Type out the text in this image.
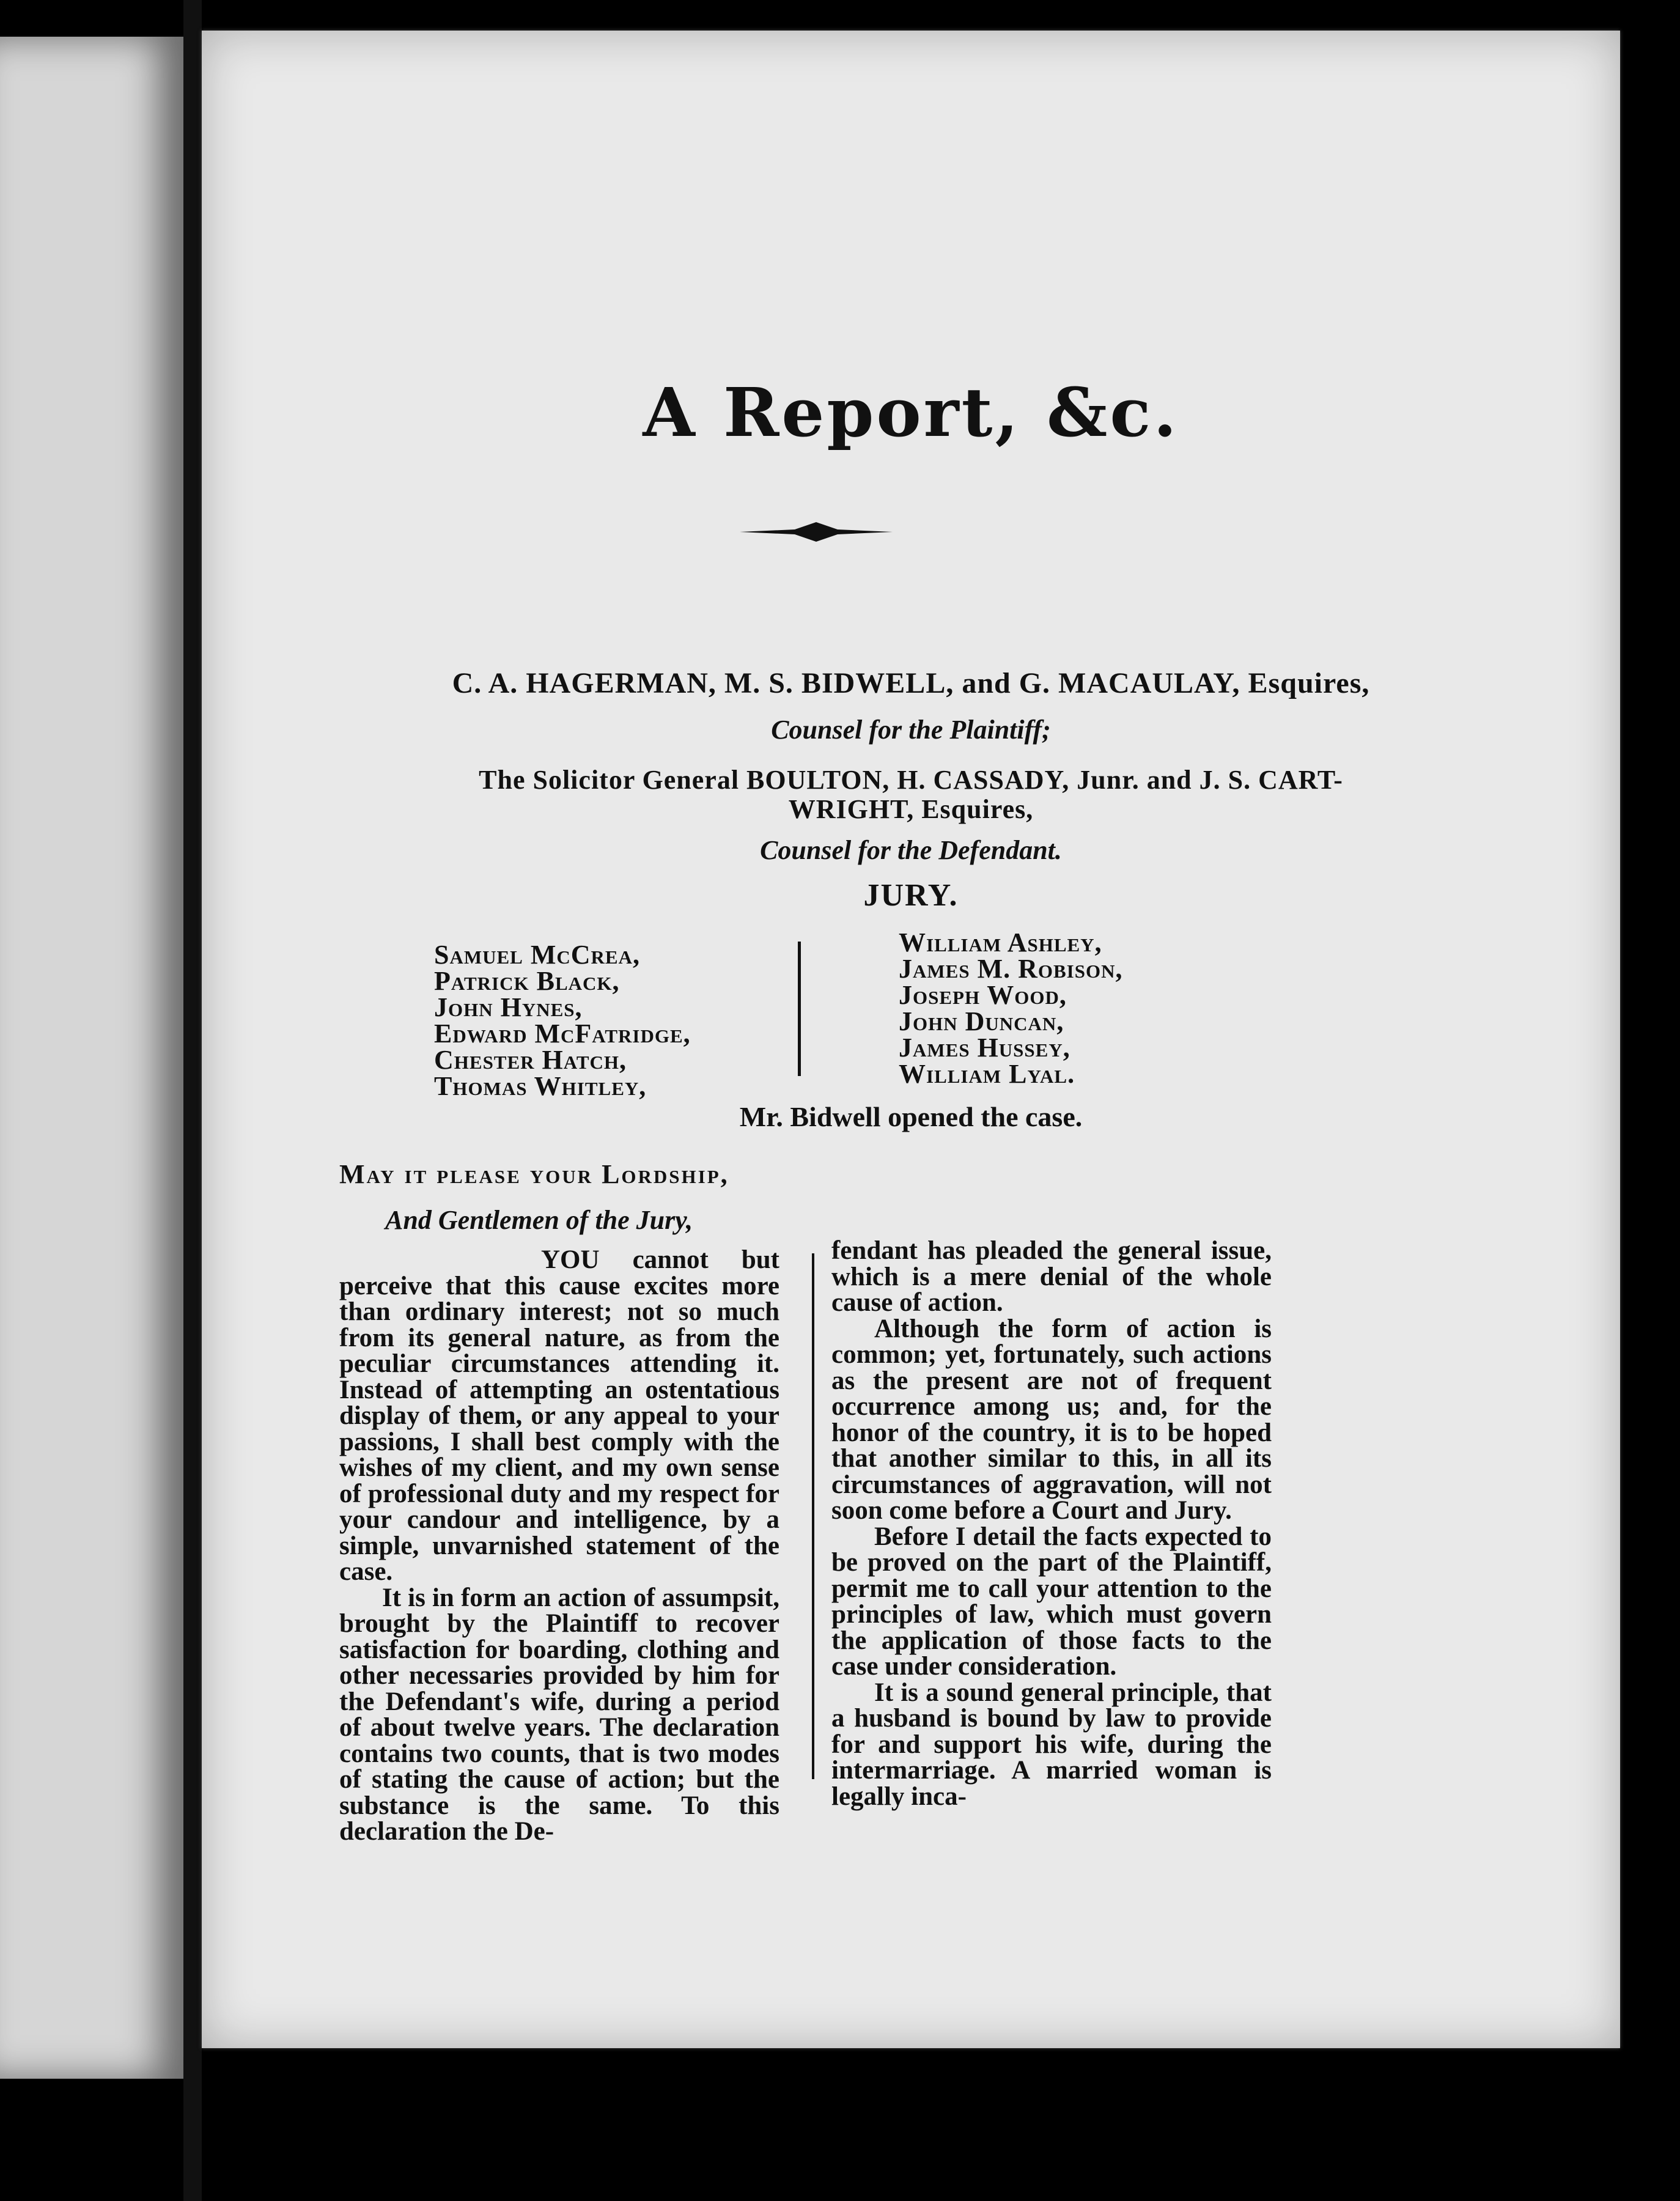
A Report, &c.
C. A. HAGERMAN, M. S. BIDWELL, and G. MACAULAY, Esquires,
Counsel for the Plaintiff;
The Solicitor General BOULTON, H. CASSADY, Junr. and J. S. CART-
WRIGHT, Esquires,
Counsel for the Defendant.
JURY.
Samuel McCrea,
Patrick Black,
John Hynes,
Edward McFatridge,
Chester Hatch,
Thomas Whitley,
William Ashley,
James M. Robison,
Joseph Wood,
John Duncan,
James Hussey,
William Lyal.
Mr. Bidwell opened the case.
May it please your Lordship,
And Gentlemen of the Jury,

YOU cannot but perceive that this cause excites more than ordinary interest; not so much from its general nature, as from the peculiar circumstances attending it. Instead of attempting an ostentatious display of them, or any appeal to your passions, I shall best comply with the wishes of my client, and my own sense of professional duty and my respect for your candour and intelligence, by a simple, unvarnished statement of the case.

It is in form an action of assumpsit, brought by the Plaintiff to recover satisfaction for boarding, clothing and other necessaries provided by him for the Defendant's wife, during a period of about twelve years. The declaration contains two counts, that is two modes of stating the cause of action; but the substance is the same. To this declaration the De-

fendant has pleaded the general issue, which is a mere denial of the whole cause of action.

Although the form of action is common; yet, fortunately, such actions as the present are not of frequent occurrence among us; and, for the honor of the country, it is to be hoped that another similar to this, in all its circumstances of aggravation, will not soon come before a Court and Jury.

Before I detail the facts expected to be proved on the part of the Plaintiff, permit me to call your attention to the principles of law, which must govern the application of those facts to the case under consideration.

It is a sound general principle, that a husband is bound by law to provide for and support his wife, during the intermarriage. A married woman is legally inca-
